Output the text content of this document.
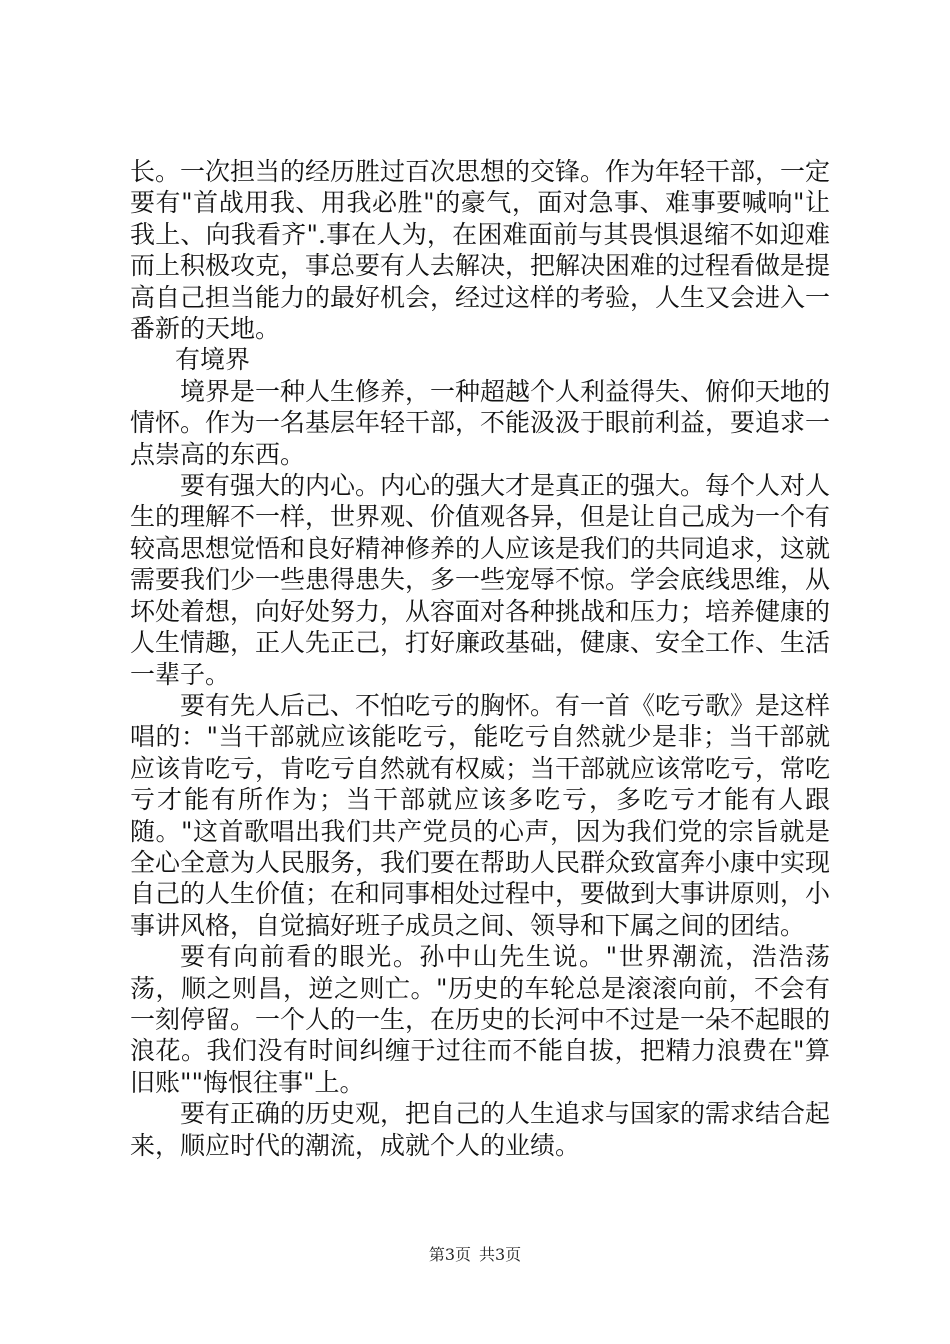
长。一次担当的经历胜过百次思想的交锋。作为年轻干部，一定要有"首战用我、用我必胜"的豪气，面对急事、难事要喊响"让我上、向我看齐".事在人为，在困难面前与其畏惧退缩不如迎难而上积极攻克，事总要有人去解决，把解决困难的过程看做是提高自己担当能力的最好机会，经过这样的考验，人生又会进入一番新的天地。

有境界

境界是一种人生修养，一种超越个人利益得失、俯仰天地的情怀。作为一名基层年轻干部，不能汲汲于眼前利益，要追求一点崇高的东西。

要有强大的内心。内心的强大才是真正的强大。每个人对人生的理解不一样，世界观、价值观各异，但是让自己成为一个有较高思想觉悟和良好精神修养的人应该是我们的共同追求，这就需要我们少一些患得患失，多一些宠辱不惊。学会底线思维，从坏处着想，向好处努力，从容面对各种挑战和压力；培养健康的人生情趣，正人先正己，打好廉政基础，健康、安全工作、生活一辈子。

要有先人后己、不怕吃亏的胸怀。有一首《吃亏歌》是这样唱的："当干部就应该能吃亏，能吃亏自然就少是非；当干部就应该肯吃亏，肯吃亏自然就有权威；当干部就应该常吃亏，常吃亏才能有所作为；当干部就应该多吃亏，多吃亏才能有人跟随。"这首歌唱出我们共产党员的心声，因为我们党的宗旨就是全心全意为人民服务，我们要在帮助人民群众致富奔小康中实现自己的人生价值；在和同事相处过程中，要做到大事讲原则，小事讲风格，自觉搞好班子成员之间、领导和下属之间的团结。

要有向前看的眼光。孙中山先生说。"世界潮流，浩浩荡荡，顺之则昌，逆之则亡。"历史的车轮总是滚滚向前，不会有一刻停留。一个人的一生，在历史的长河中不过是一朵不起眼的浪花。我们没有时间纠缠于过往而不能自拔，把精力浪费在"算旧账""悔恨往事"上。

要有正确的历史观，把自己的人生追求与国家的需求结合起来，顺应时代的潮流，成就个人的业绩。

第3页 共3页
